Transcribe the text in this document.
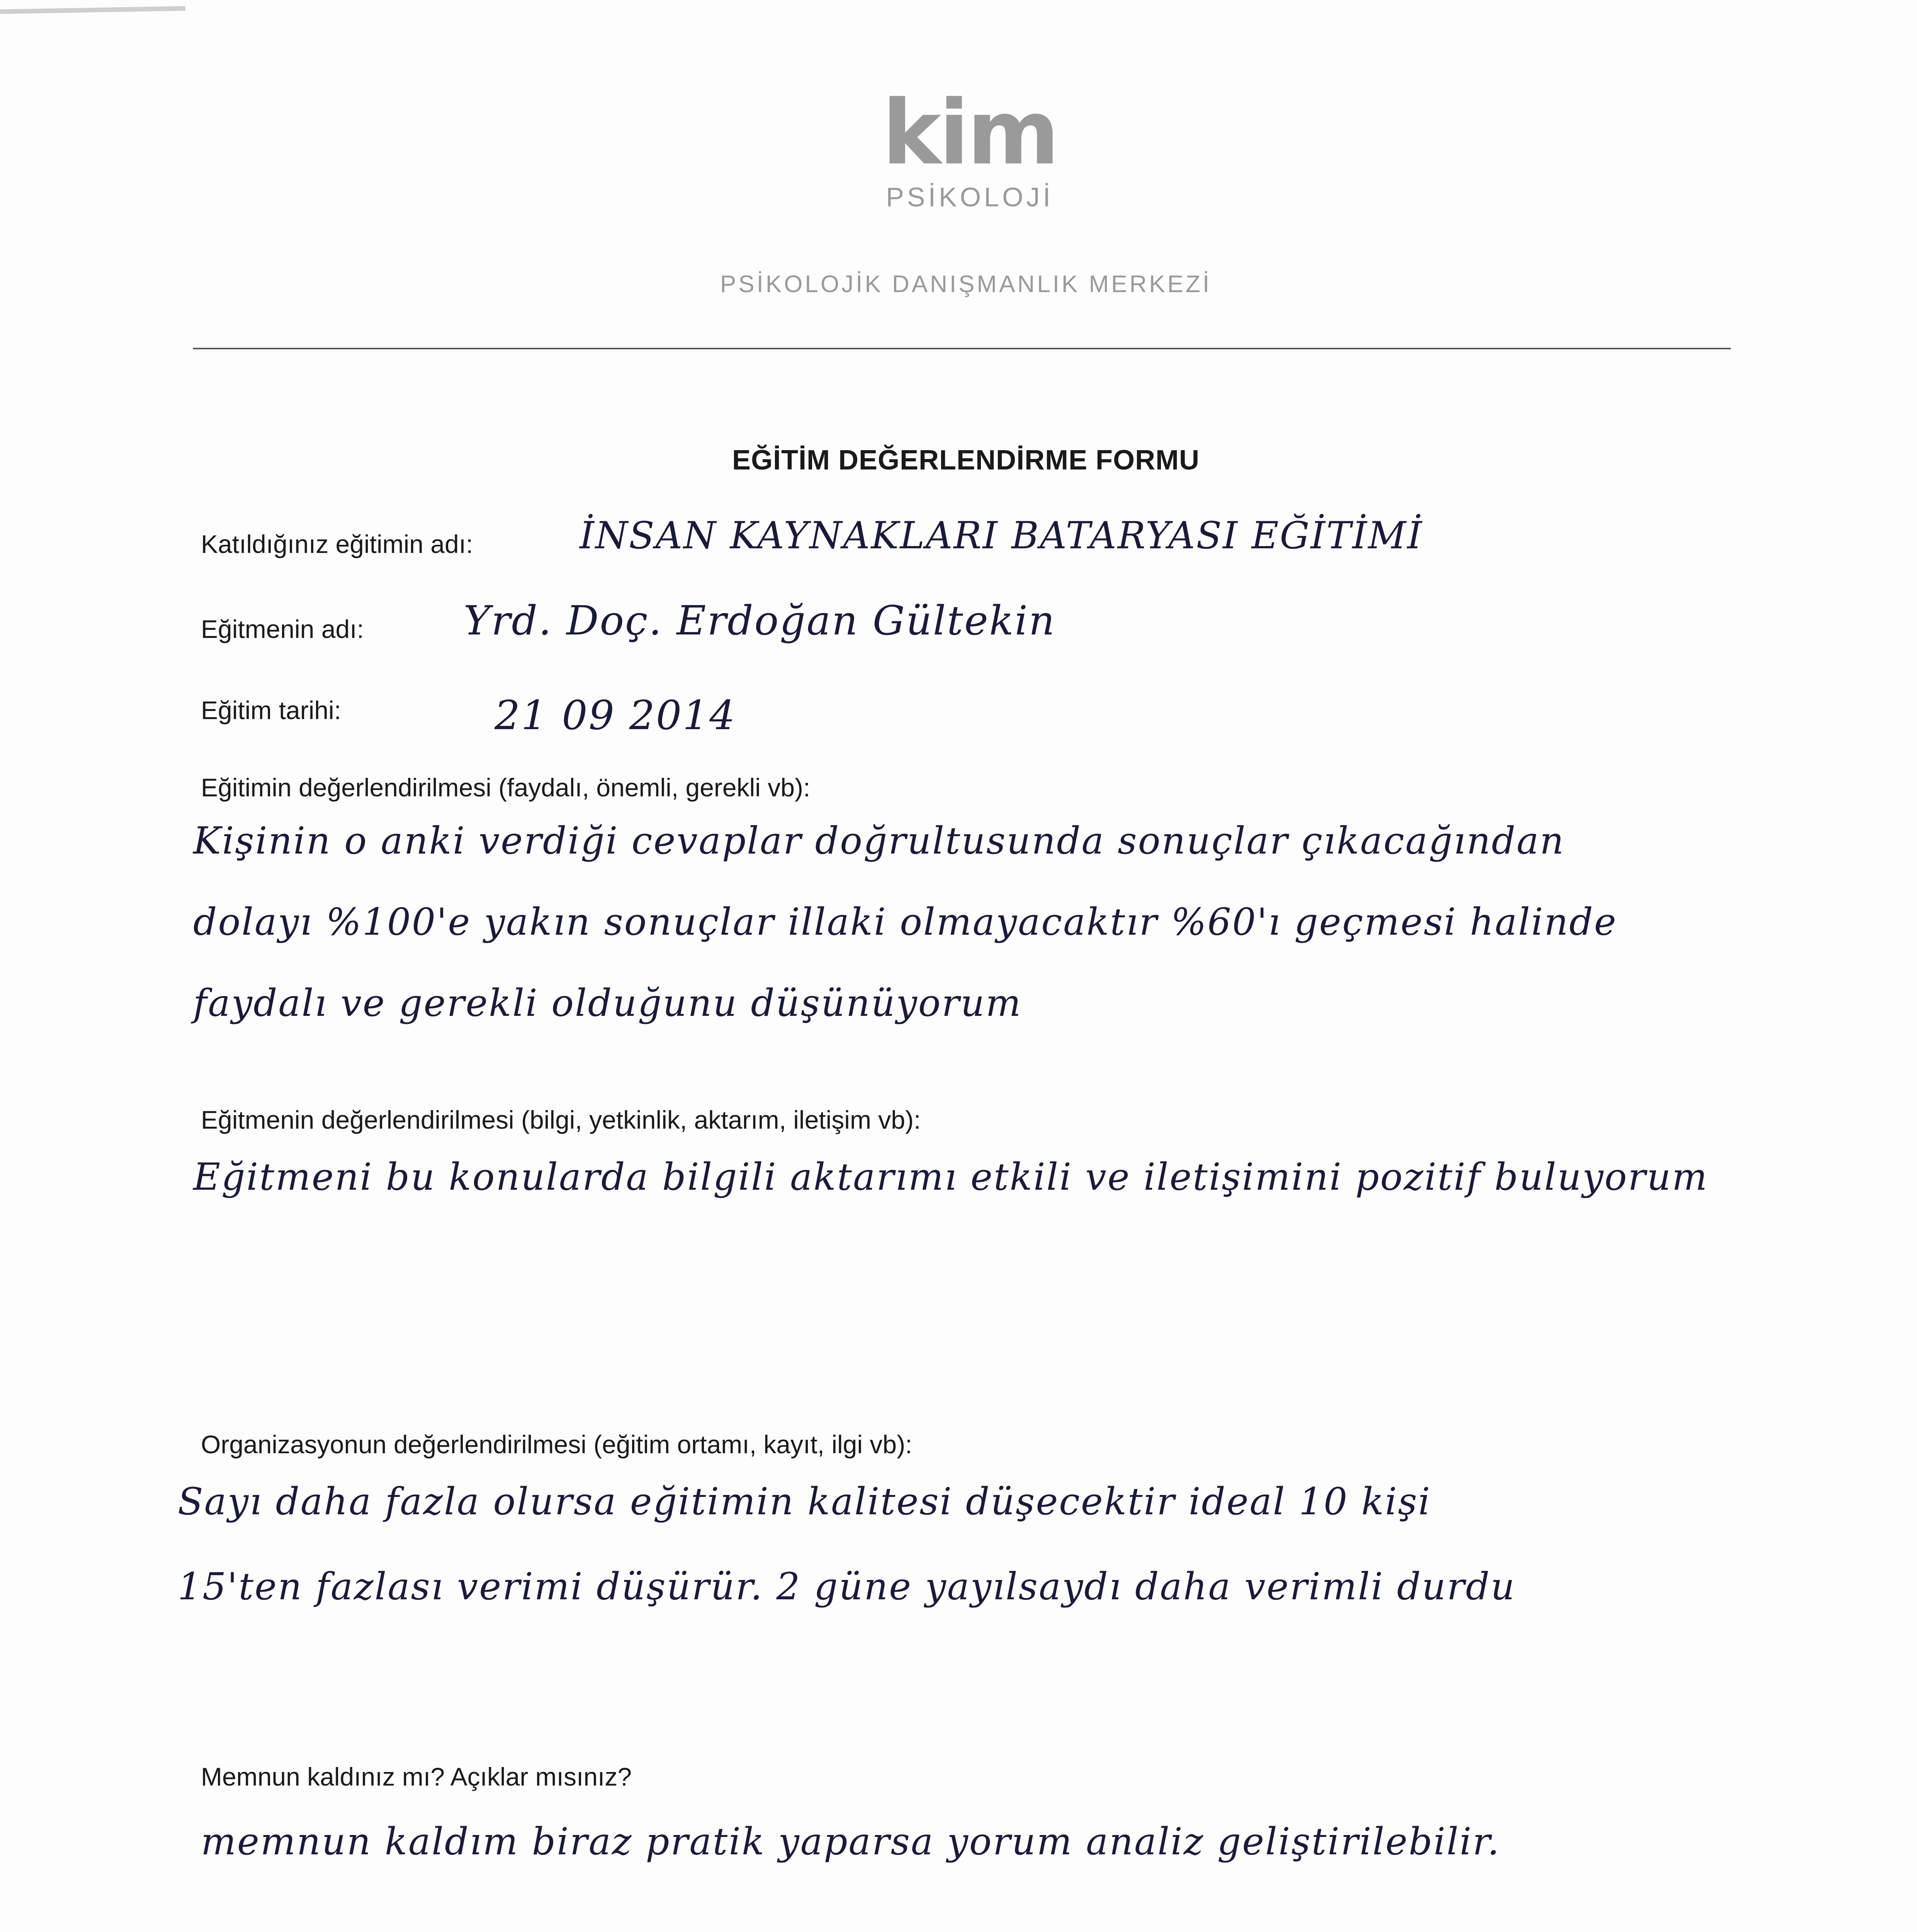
kim
PSİKOLOJİ
PSİKOLOJİK DANIŞMANLIK MERKEZİ
EĞİTİM DEĞERLENDİRME FORMU
Katıldığınız eğitimin adı:	İNSAN KAYNAKLARI BATARYASI EĞİTİMİ
Eğitmenin adı: Yrd. Doç. Erdoğan Gültekin
Eğitim tarihi:	21 09 2014
Eğitimin değerlendirilmesi (faydalı, önemli, gerekli vb):
Kişinin o anki verdiği cevaplar doğrultusunda sonuçlar çıkacağından
dolayı %100'e yakın sonuçlar illaki olmayacaktır %60'ı geçmesi halinde
faydalı ve gerekli olduğunu düşünüyorum
Eğitmenin değerlendirilmesi (bilgi, yetkinlik, aktarım, iletişim vb):
Eğitmeni bu konularda bilgili aktarımı etkili ve iletişimini pozitif buluyorum
Organizasyonun değerlendirilmesi (eğitim ortamı, kayıt, ilgi vb):
Sayı daha fazla olursa eğitimin kalitesi düşecektir ideal 10 kişi
15'ten fazlası verimi düşürür. 2 güne yayılsaydı daha verimli durdu
Memnun kaldınız mı? Açıklar mısınız?
memnun kaldım biraz pratik yaparsa yorum analiz geliştirilebilir.
